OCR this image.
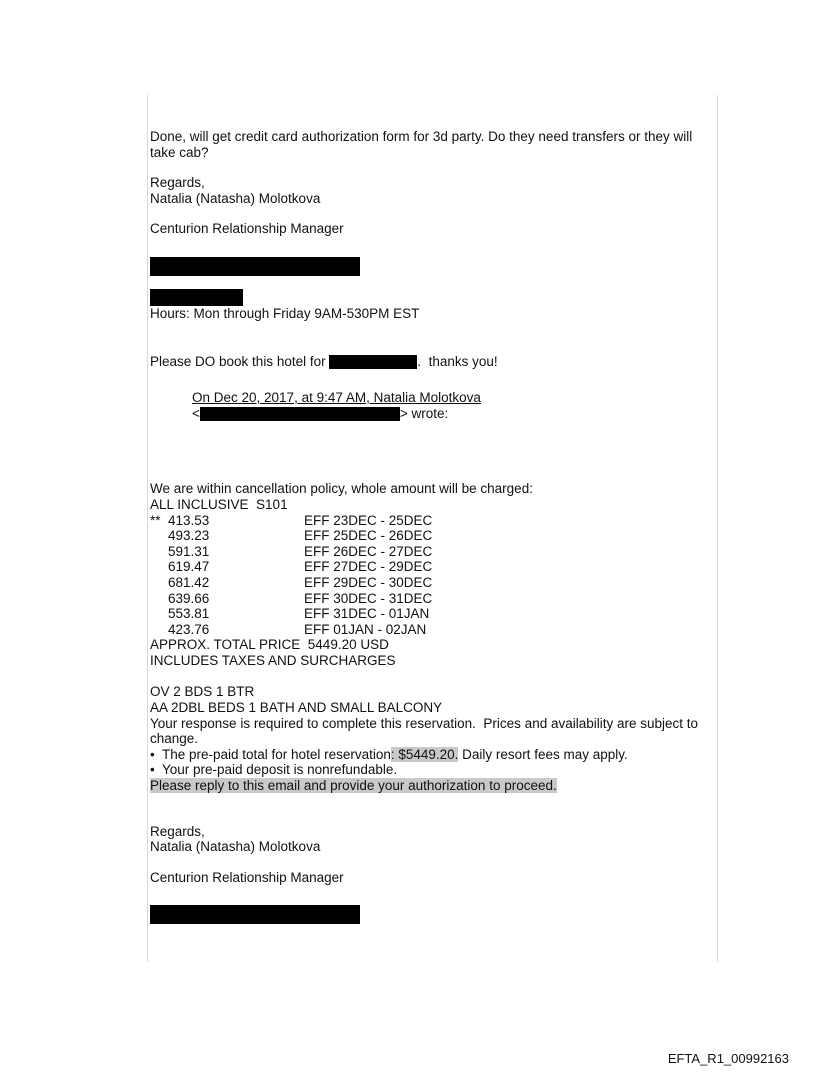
Done, will get credit card authorization form for 3d party. Do they need transfers or they will take cab?

Regards,

Natalia (Natasha) Molotkova

Centurion Relationship Manager

Hours: Mon through Friday 9AM-530PM EST

Please DO book this hotel for	.  thanks you!

On Dec 20, 2017, at 9:47 AM, Natalia Molotkova

<	> wrote:

We are within cancellation policy, whole amount will be charged:

ALL INCLUSIVE  S101

** 413.53	EFF 23DEC - 25DEC
493.23	EFF 25DEC - 26DEC
591.31	EFF 26DEC - 27DEC
619.47	EFF 27DEC - 29DEC
681.42	EFF 29DEC - 30DEC
639.66	EFF 30DEC - 31DEC
553.81	EFF 31DEC - 01JAN
423.76	EFF 01JAN - 02JAN

APPROX. TOTAL PRICE  5449.20 USD

INCLUDES TAXES AND SURCHARGES

OV 2 BDS 1 BTR

AA 2DBL BEDS 1 BATH AND SMALL BALCONY

Your response is required to complete this reservation.  Prices and availability are subject to change.

•  The pre-paid total for hotel reservation: $5449.20. Daily resort fees may apply.

•  Your pre-paid deposit is nonrefundable.

Please reply to this email and provide your authorization to proceed.

Regards,

Natalia (Natasha) Molotkova

Centurion Relationship Manager

EFTA_R1_00992163
